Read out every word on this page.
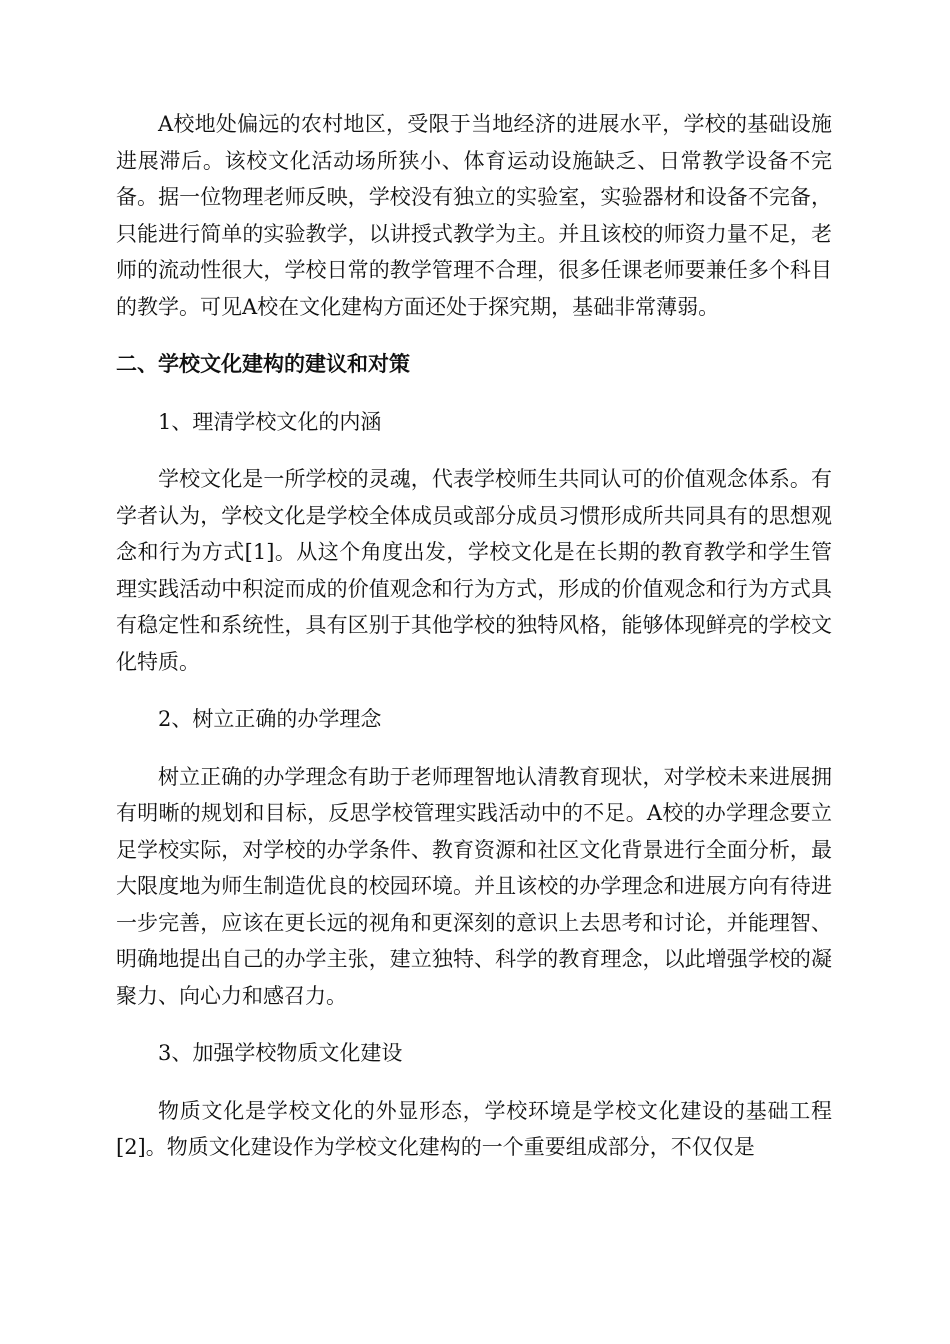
A校地处偏远的农村地区，受限于当地经济的进展水平，学校的基础设施进展滞后。该校文化活动场所狭小、体育运动设施缺乏、日常教学设备不完备。据一位物理老师反映，学校没有独立的实验室，实验器材和设备不完备，只能进行简单的实验教学，以讲授式教学为主。并且该校的师资力量不足，老师的流动性很大，学校日常的教学管理不合理，很多任课老师要兼任多个科目的教学。可见A校在文化建构方面还处于探究期，基础非常薄弱。

二、学校文化建构的建议和对策

1、理清学校文化的内涵

学校文化是一所学校的灵魂，代表学校师生共同认可的价值观念体系。有学者认为，学校文化是学校全体成员或部分成员习惯形成所共同具有的思想观念和行为方式[1]。从这个角度出发，学校文化是在长期的教育教学和学生管理实践活动中积淀而成的价值观念和行为方式，形成的价值观念和行为方式具有稳定性和系统性，具有区别于其他学校的独特风格，能够体现鲜亮的学校文化特质。

2、树立正确的办学理念

树立正确的办学理念有助于老师理智地认清教育现状，对学校未来进展拥有明晰的规划和目标，反思学校管理实践活动中的不足。A校的办学理念要立足学校实际，对学校的办学条件、教育资源和社区文化背景进行全面分析，最大限度地为师生制造优良的校园环境。并且该校的办学理念和进展方向有待进一步完善，应该在更长远的视角和更深刻的意识上去思考和讨论，并能理智、明确地提出自己的办学主张，建立独特、科学的教育理念，以此增强学校的凝聚力、向心力和感召力。

3、加强学校物质文化建设

物质文化是学校文化的外显形态，学校环境是学校文化建设的基础工程[2]。物质文化建设作为学校文化建构的一个重要组成部分，不仅仅是
